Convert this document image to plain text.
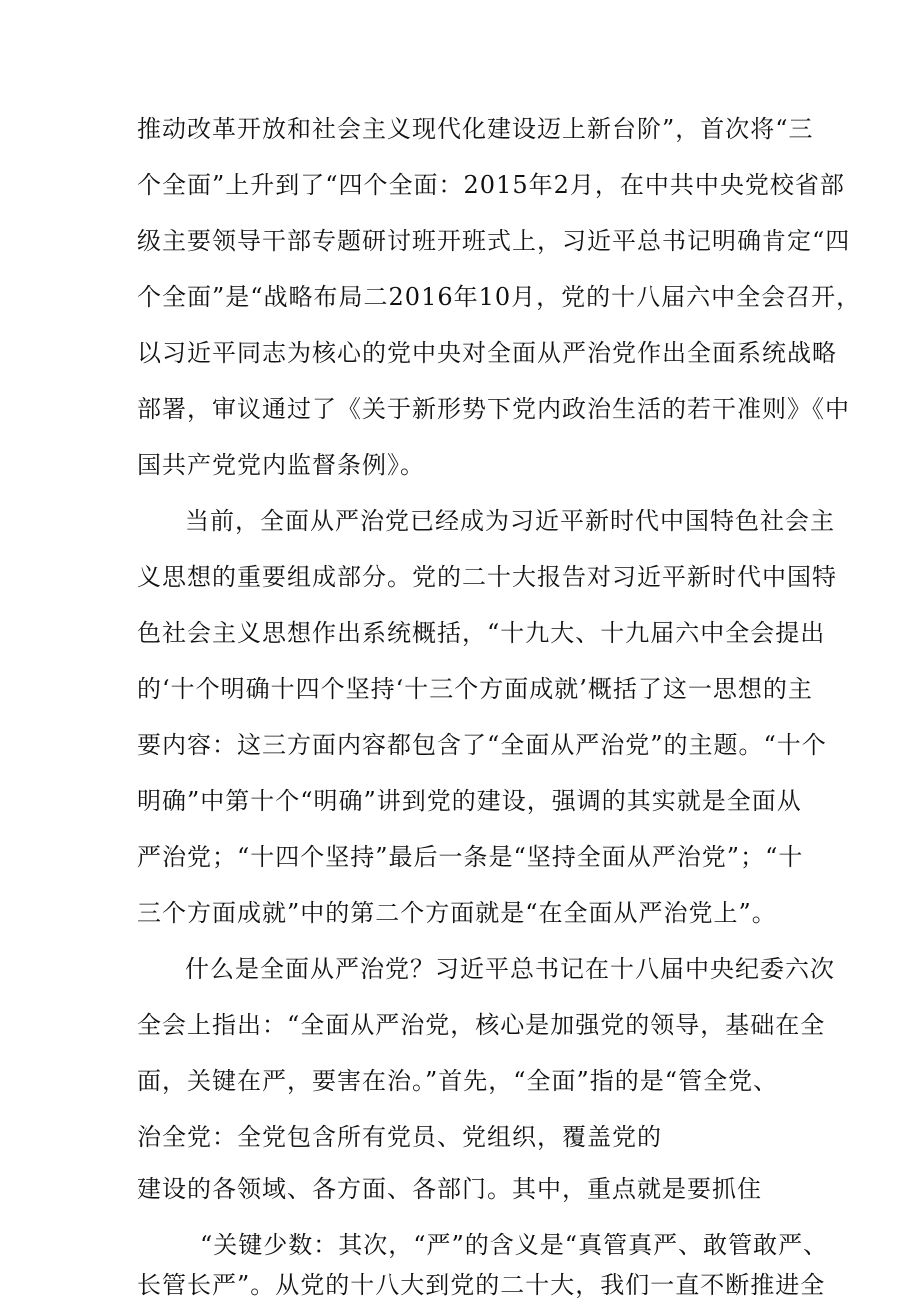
推动改革开放和社会主义现代化建设迈上新台阶”，首次将“三
个全面”上升到了“四个全面：2015年2月，在中共中央党校省部
级主要领导干部专题研讨班开班式上，习近平总书记明确肯定“四
个全面”是“战略布局二2016年10月，党的十八届六中全会召开，
以习近平同志为核心的党中央对全面从严治党作出全面系统战略
部署，审议通过了《关于新形势下党内政治生活的若干准则》《中
国共产党党内监督条例》。
当前，全面从严治党已经成为习近平新时代中国特色社会主
义思想的重要组成部分。党的二十大报告对习近平新时代中国特
色社会主义思想作出系统概括，“十九大、十九届六中全会提出
的‘十个明确十四个坚持‘十三个方面成就’概括了这一思想的主
要内容：这三方面内容都包含了“全面从严治党”的主题。“十个
明确”中第十个“明确”讲到党的建设，强调的其实就是全面从
严治党；“十四个坚持”最后一条是“坚持全面从严治党”；“十
三个方面成就”中的第二个方面就是“在全面从严治党上”。
什么是全面从严治党？习近平总书记在十八届中央纪委六次
全会上指出：“全面从严治党，核心是加强党的领导，基础在全
面，关键在严，要害在治。”首先，“全面”指的是“管全党、
治全党：全党包含所有党员、党组织，覆盖党的
建设的各领域、各方面、各部门。其中，重点就是要抓住
“关键少数：其次，“严”的含义是“真管真严、敢管敢严、
长管长严”。从党的十八大到党的二十大，我们一直不断推进全
